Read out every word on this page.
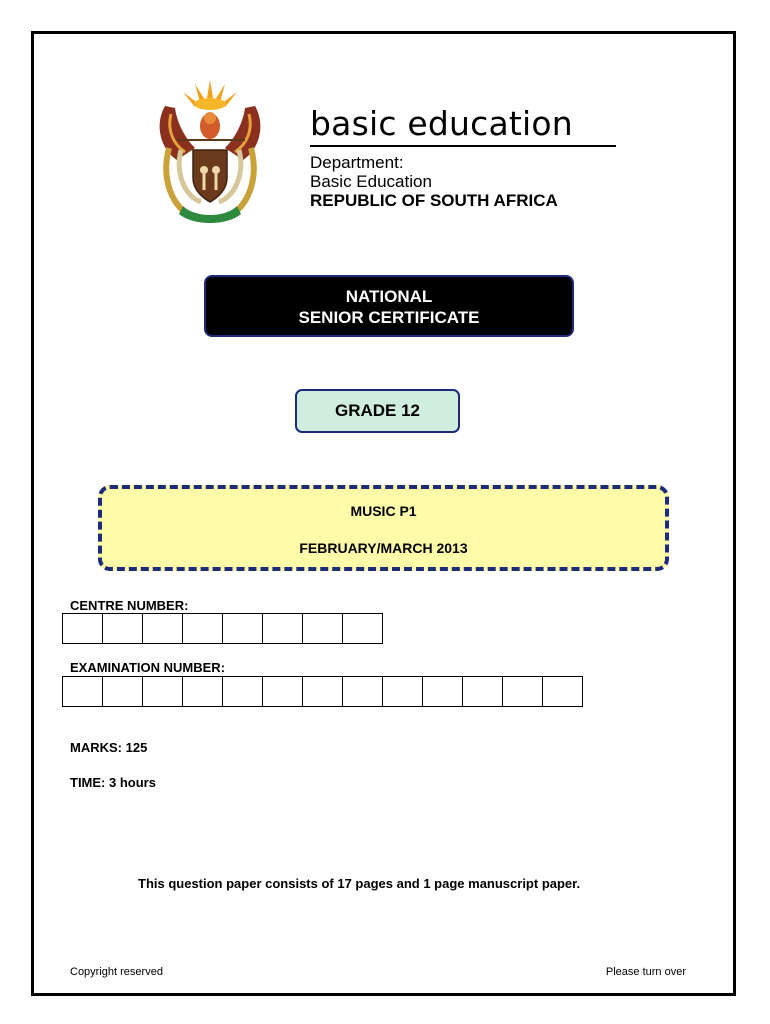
basic education
Department:
Basic Education
REPUBLIC OF SOUTH AFRICA
NATIONAL
SENIOR CERTIFICATE
GRADE 12
MUSIC P1
FEBRUARY/MARCH 2013
CENTRE NUMBER:
EXAMINATION NUMBER:
MARKS: 125
TIME: 3 hours
This question paper consists of 17 pages and 1 page manuscript paper.
Copyright reserved	Please turn over
